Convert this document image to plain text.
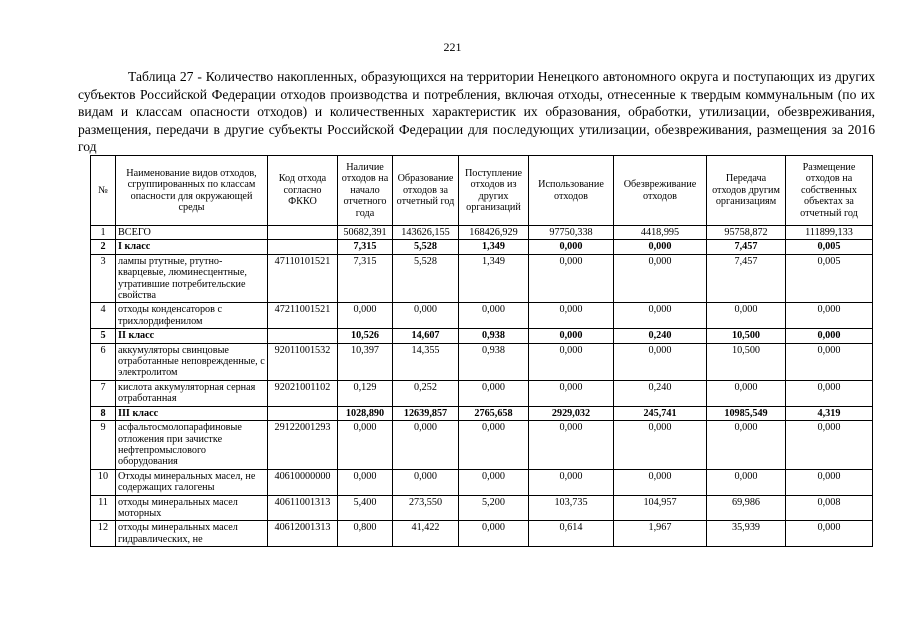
221
Таблица 27 - Количество накопленных, образующихся на территории Ненецкого автономного округа и поступающих из других субъектов Российской Федерации отходов производства и потребления, включая отходы, отнесенные к твердым коммунальным (по их видам и классам опасности отходов) и количественных характеристик их образования, обработки, утилизации, обезвреживания, размещения, передачи в другие субъекты Российской Федерации для последующих утилизации, обезвреживания, размещения за 2016 год
№	Наименование видов отходов, сгруппированных по классам опасности для окружающей среды	Код отхода согласно ФККО	Наличие отходов на начало отчетного года	Образование отходов за отчетный год	Поступление отходов из других организаций	Использование отходов	Обезвреживание отходов	Передача отходов другим организациям	Размещение отходов на собственных объектах за отчетный год
1	ВСЕГО		50682,391	143626,155	168426,929	97750,338	4418,995	95758,872	111899,133
2	I класс		7,315	5,528	1,349	0,000	0,000	7,457	0,005
3	лампы ртутные, ртутно-кварцевые, люминесцентные, утратившие потребительские свойства	47110101521	7,315	5,528	1,349	0,000	0,000	7,457	0,005
4	отходы конденсаторов с трихлордифенилом	47211001521	0,000	0,000	0,000	0,000	0,000	0,000	0,000
5	II класс		10,526	14,607	0,938	0,000	0,240	10,500	0,000
6	аккумуляторы свинцовые отработанные неповрежденные, с электролитом	92011001532	10,397	14,355	0,938	0,000	0,000	10,500	0,000
7	кислота аккумуляторная серная отработанная	92021001102	0,129	0,252	0,000	0,000	0,240	0,000	0,000
8	III класс		1028,890	12639,857	2765,658	2929,032	245,741	10985,549	4,319
9	асфальтосмолопарафиновые отложения при зачистке нефтепромыслового оборудования	29122001293	0,000	0,000	0,000	0,000	0,000	0,000	0,000
10	Отходы минеральных масел, не содержащих галогены	40610000000	0,000	0,000	0,000	0,000	0,000	0,000	0,000
11	отходы минеральных масел моторных	40611001313	5,400	273,550	5,200	103,735	104,957	69,986	0,008
12	отходы минеральных масел гидравлических, не	40612001313	0,800	41,422	0,000	0,614	1,967	35,939	0,000
